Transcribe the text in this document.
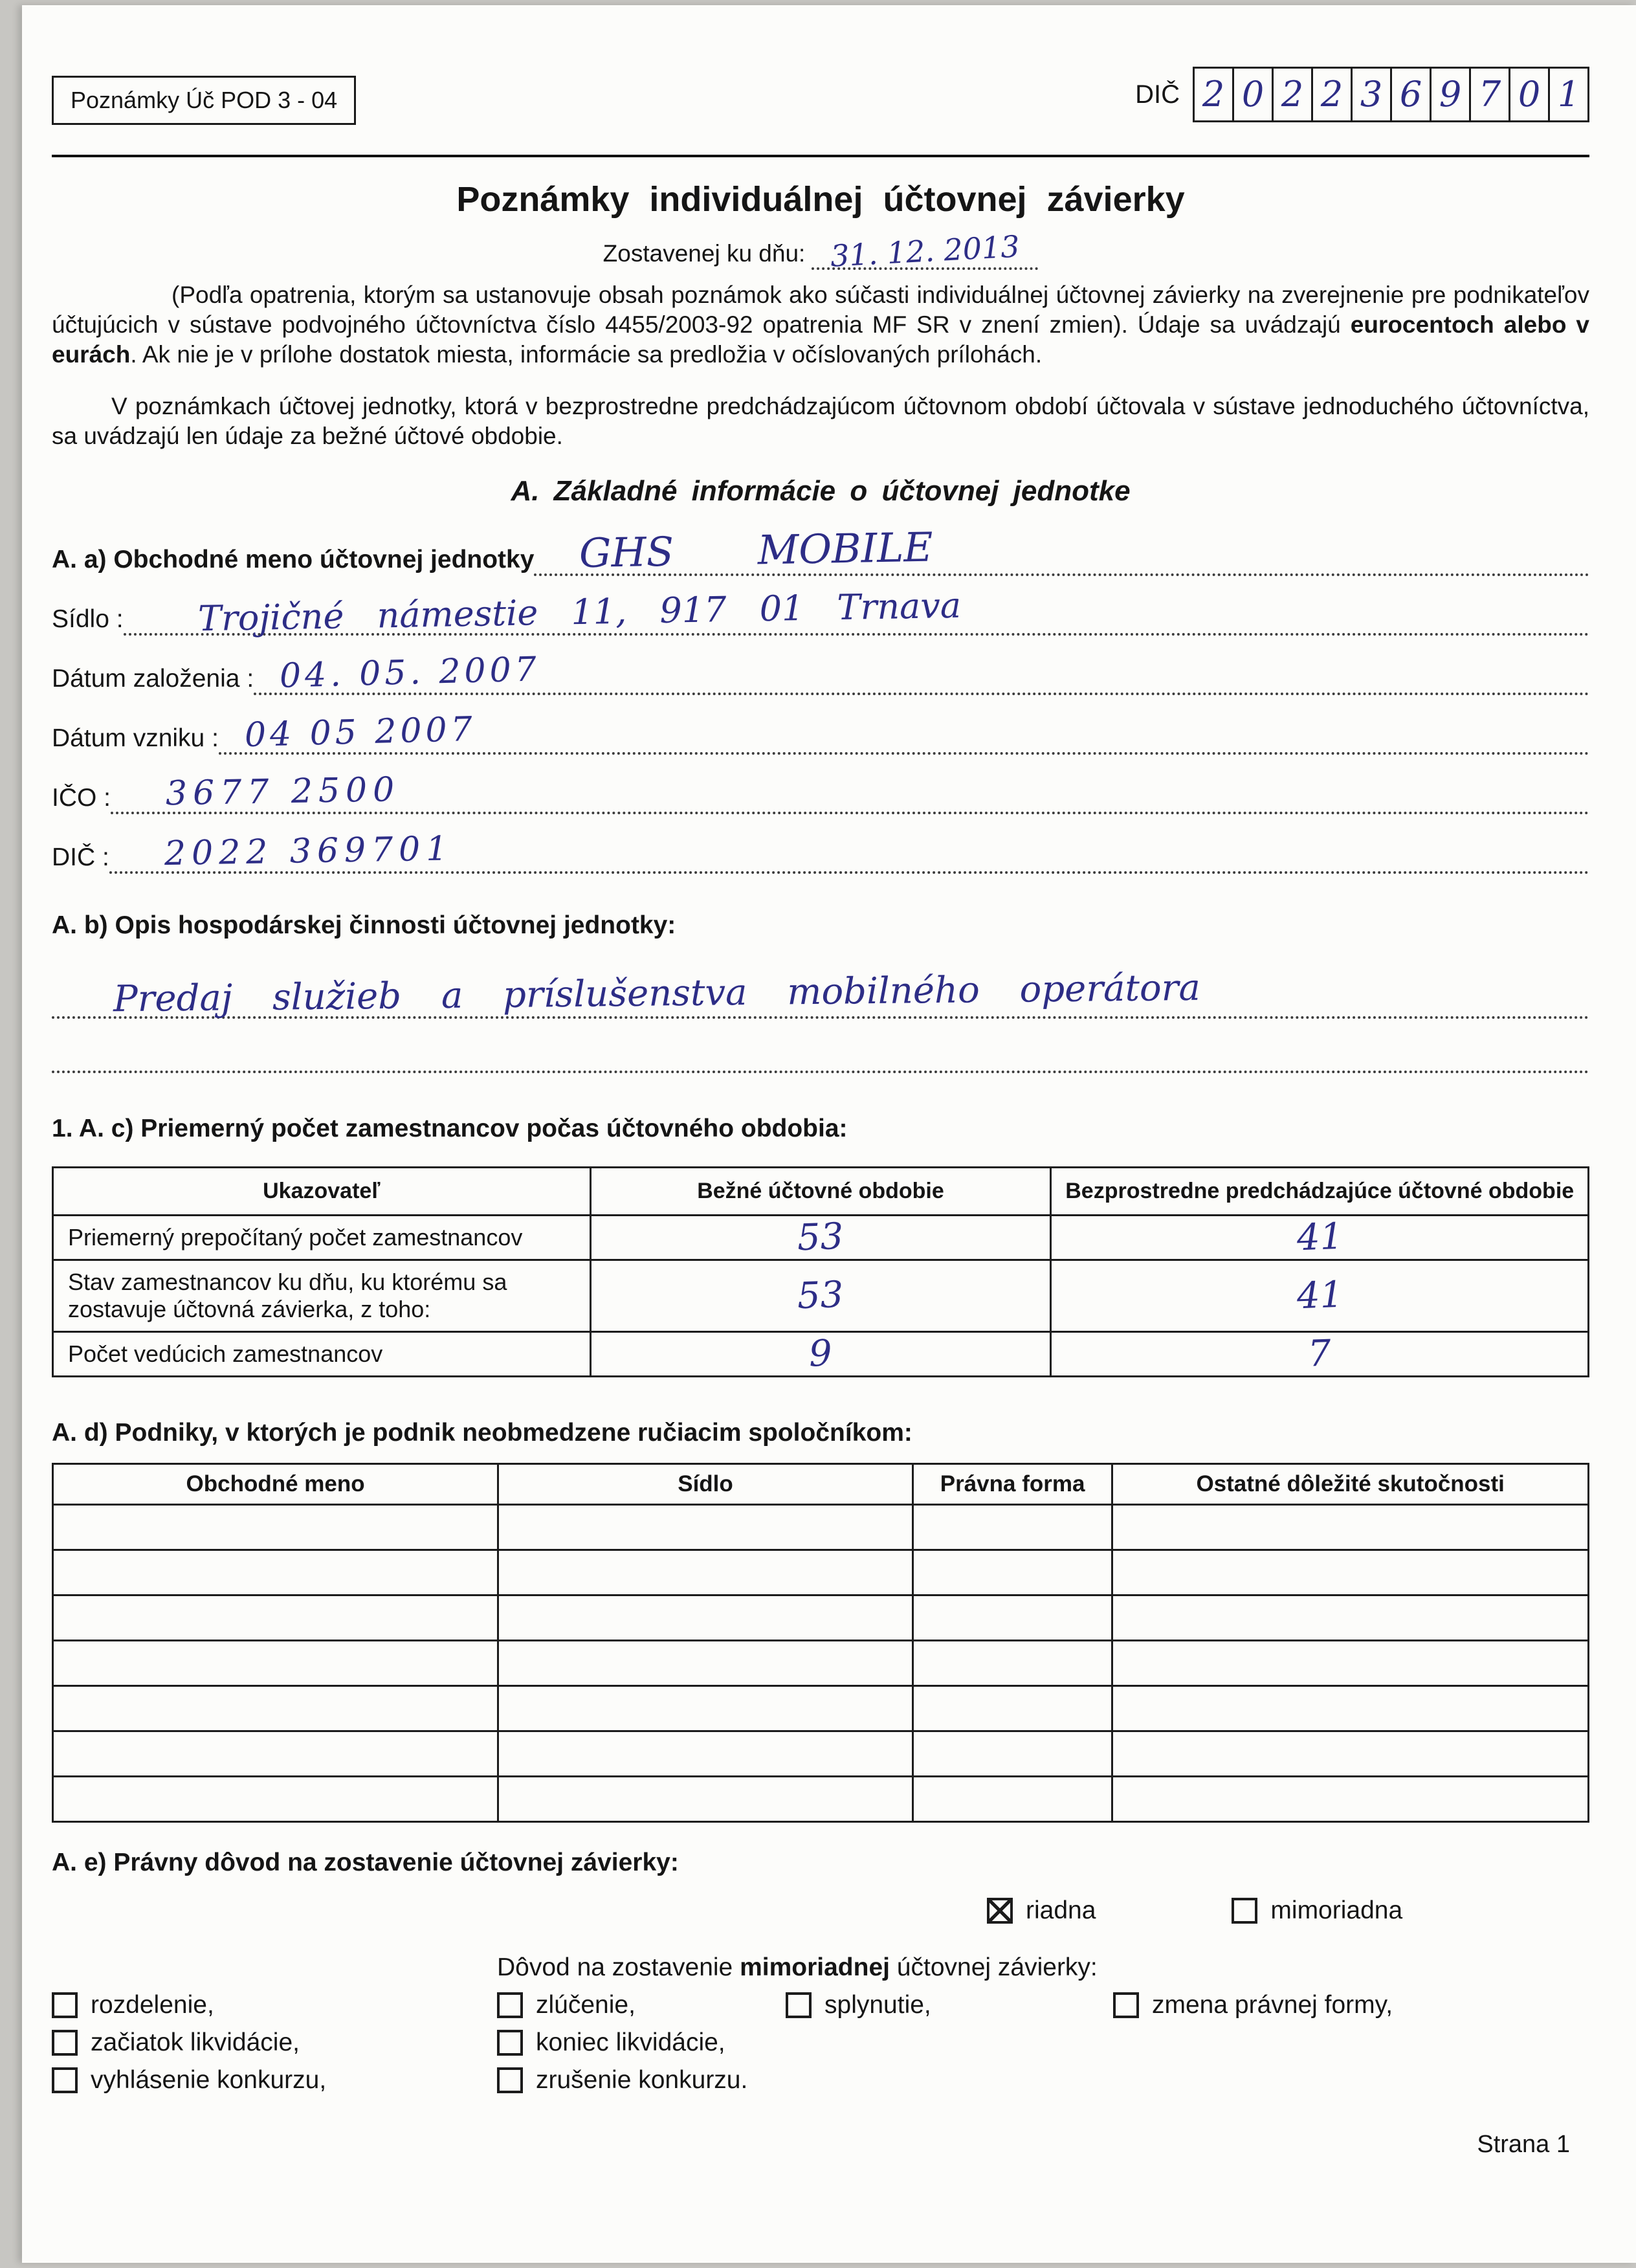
Poznámky Úč POD 3 - 04	DIČ 2 0 2 2 3 6 9 7 0 1
Poznámky individuálnej účtovnej závierky
Zostavenej ku dňu: 31. 12. 2013

(Podľa opatrenia, ktorým sa ustanovuje obsah poznámok ako súčasti individuálnej účtovnej závierky na zverejnenie pre podnikateľov účtujúcich v sústave podvojného účtovníctva číslo 4455/2003-92 opatrenia MF SR v znení zmien). Údaje sa uvádzajú eurocentoch alebo v eurách. Ak nie je v prílohe dostatok miesta, informácie sa predložia v očíslovaných prílohách.

V poznámkach účtovej jednotky, ktorá v bezprostredne predchádzajúcom účtovnom období účtovala v sústave jednoduchého účtovníctva, sa uvádzajú len údaje za bežné účtové obdobie.

A. Základné informácie o účtovnej jednotke
A. a) Obchodné meno účtovnej jednotky	GHS MOBILE
Sídlo :	Trojičné námestie 11, 917 01 Trnava
Dátum založenia : 04. 05. 2007
Dátum vzniku : 04 05 2007
IČO :	3677 2500
DIČ :	2022 369701
A. b) Opis hospodárskej činnosti účtovnej jednotky:
Predaj služieb a príslušenstva mobilného operátora
1. A. c) Priemerný počet zamestnancov počas účtovného obdobia:
Ukazovateľ	Bežné účtovné obdobie	Bezprostredne predchádzajúce účtovné obdobie
Priemerný prepočítaný počet zamestnancov	53	41
Stav zamestnancov ku dňu, ku ktorému sa zostavuje účtovná závierka, z toho:	53	41
Počet vedúcich zamestnancov	9	7
A. d) Podniky, v ktorých je podnik neobmedzene ručiacim spoločníkom:
Obchodné meno	Sídlo	Právna forma	Ostatné dôležité skutočnosti

A. e) Právny dôvod na zostavenie účtovnej závierky:
riadna	mimoriadna
Dôvod na zostavenie mimoriadnej účtovnej závierky:
rozdelenie,	zlúčenie,	splynutie,	zmena právnej formy,
začiatok likvidácie,	koniec likvidácie,
vyhlásenie konkurzu,	zrušenie konkurzu.
Strana 1
